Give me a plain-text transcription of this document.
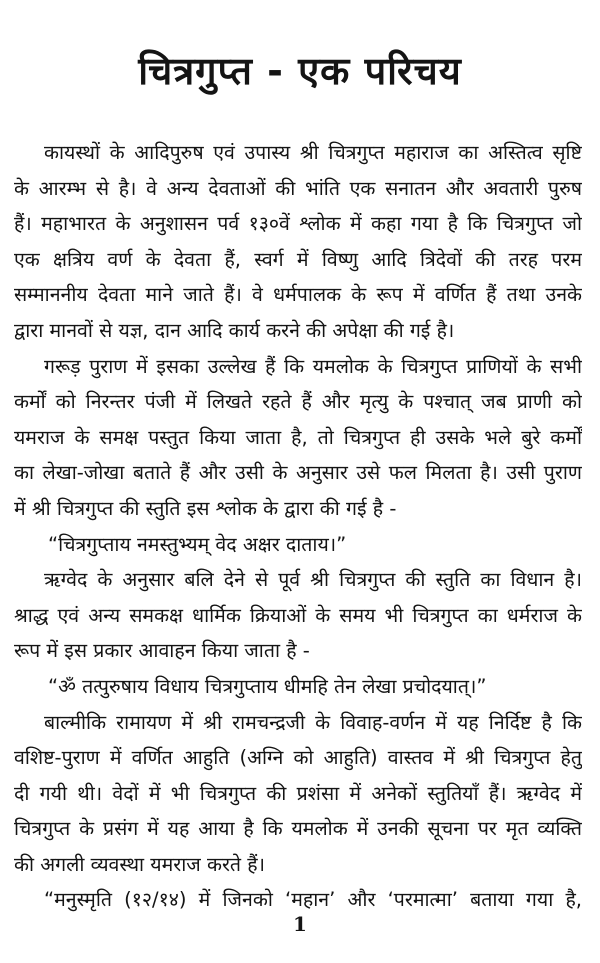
चित्रगुप्त - एक परिचय
कायस्थों के आदिपुरुष एवं उपास्य श्री चित्रगुप्त महाराज का अस्तित्व सृष्टि
के आरम्भ से है। वे अन्य देवताओं की भांति एक सनातन और अवतारी पुरुष
हैं। महाभारत के अनुशासन पर्व १३०वें श्लोक में कहा गया है कि चित्रगुप्त जो
एक क्षत्रिय वर्ण के देवता हैं, स्वर्ग में विष्णु आदि त्रिदेवों की तरह परम
सम्माननीय देवता माने जाते हैं। वे धर्मपालक के रूप में वर्णित हैं तथा उनके
द्वारा मानवों से यज्ञ, दान आदि कार्य करने की अपेक्षा की गई है।
गरूड़ पुराण में इसका उल्लेख हैं कि यमलोक के चित्रगुप्त प्राणियों के सभी
कर्मों को निरन्तर पंजी में लिखते रहते हैं और मृत्यु के पश्चात् जब प्राणी को
यमराज के समक्ष पस्तुत किया जाता है, तो चित्रगुप्त ही उसके भले बुरे कर्मों
का लेखा-जोखा बताते हैं और उसी के अनुसार उसे फल मिलता है। उसी पुराण
में श्री चित्रगुप्त की स्तुति इस श्लोक के द्वारा की गई है -
“चित्रगुप्ताय नमस्तुभ्यम् वेद अक्षर दाताय।”
ऋग्वेद के अनुसार बलि देने से पूर्व श्री चित्रगुप्त की स्तुति का विधान है।
श्राद्ध एवं अन्य समकक्ष धार्मिक क्रियाओं के समय भी चित्रगुप्त का धर्मराज के
रूप में इस प्रकार आवाहन किया जाता है -
“ॐ तत्पुरुषाय विधाय चित्रगुप्ताय धीमहि तेन लेखा प्रचोदयात्।”
बाल्मीकि रामायण में श्री रामचन्द्रजी के विवाह-वर्णन में यह निर्दिष्ट है कि
वशिष्ट-पुराण में वर्णित आहुति (अग्नि को आहुति) वास्तव में श्री चित्रगुप्त हेतु
दी गयी थी। वेदों में भी चित्रगुप्त की प्रशंसा में अनेकों स्तुतियाँ हैं। ऋग्वेद में
चित्रगुप्त के प्रसंग में यह आया है कि यमलोक में उनकी सूचना पर मृत व्यक्ति
की अगली व्यवस्था यमराज करते हैं।
“मनुस्मृति (१२/१४) में जिनको ‘महान’ और ‘परमात्मा’ बताया गया है,
1
